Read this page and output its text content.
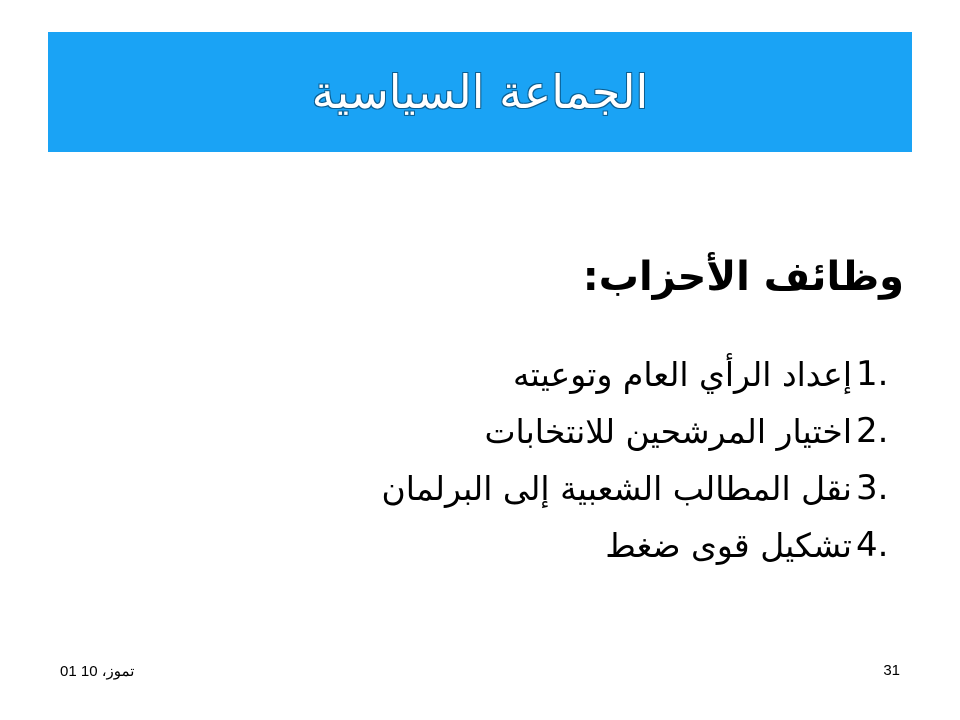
الجماعة السياسية
وظائف الأحزاب:
1.
إعداد الرأي العام وتوعيته
2.
اختيار المرشحين للانتخابات
3.
نقل المطالب الشعبية إلى البرلمان
4.
تشكيل قوى ضغط
01 تموز، 10	31
